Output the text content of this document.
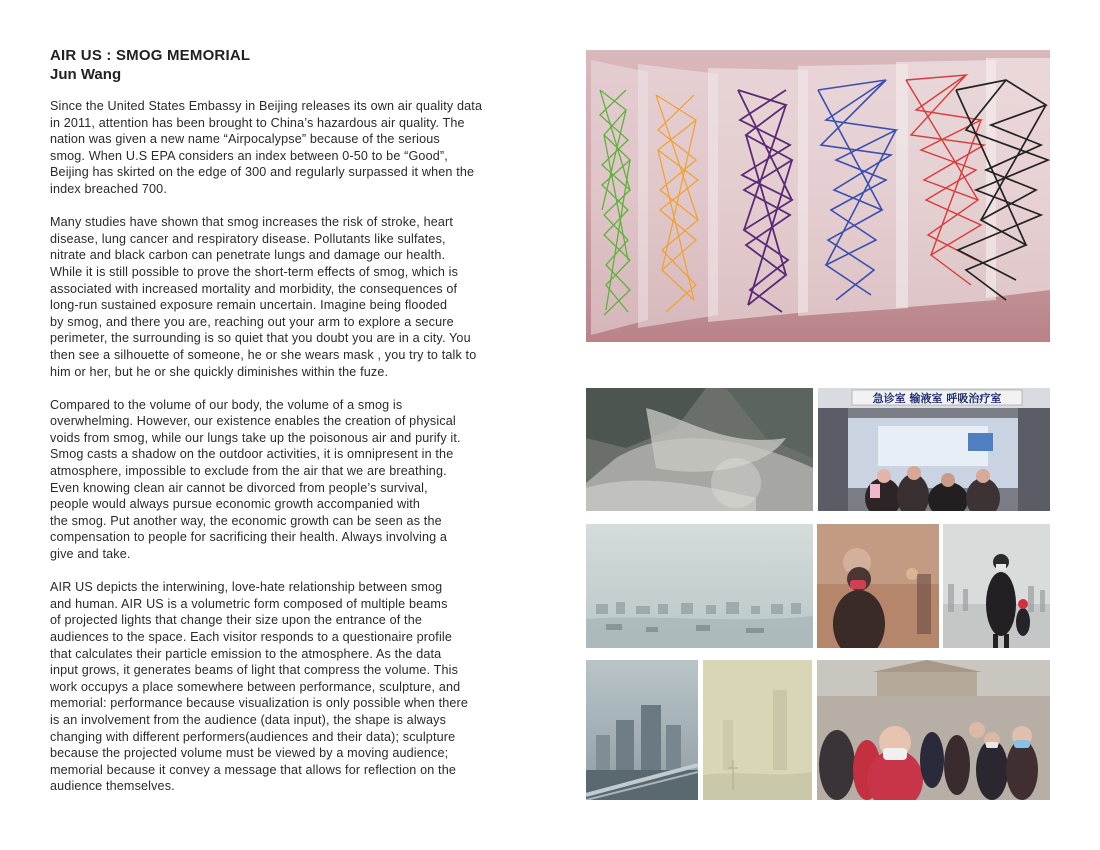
AIR US : SMOG MEMORIAL
Jun Wang

Since the United States Embassy in Beijing releases its own air quality data
in 2011, attention has been brought to China’s hazardous air quality. The
nation was given a new name “Airpocalypse” because of the serious
smog. When U.S EPA considers an index between 0-50 to be “Good”,
Beijing has skirted on the edge of 300 and regularly surpassed it when the
index breached 700.

Many studies have shown that smog increases the risk of stroke, heart
disease, lung cancer and respiratory disease. Pollutants like sulfates,
nitrate and black carbon can penetrate lungs and damage our health.
While it is still possible to prove the short-term effects of smog, which is
associated with increased mortality and morbidity, the consequences of
long-run sustained exposure remain uncertain. Imagine being flooded
by smog, and there you are, reaching out your arm to explore a secure
perimeter, the surrounding is so quiet that you doubt you are in a city. You
then see a silhouette of someone, he or she wears mask , you try to talk to
him or her, but he or she quickly diminishes within the fuze.

Compared to the volume of our body, the volume of a smog is
overwhelming. However, our existence enables the creation of physical
voids from smog, while our lungs take up the poisonous air and purify it.
Smog casts a shadow on the outdoor activities, it is omnipresent in the
atmosphere, impossible to exclude from the air that we are breathing.
Even knowing clean air cannot be divorced from people’s survival,
people would always pursue economic growth accompanied with
the smog. Put another way, the economic growth can be seen as the
compensation to people for sacrificing their health. Always involving a
give and take.

AIR US depicts the interwining, love-hate relationship between smog
and human. AIR US is a volumetric form composed of multiple beams
of projected lights that change their size upon the entrance of the
audiences to the space. Each visitor responds to a questionaire profile
that calculates their particle emission to the atmosphere. As the data
input grows, it generates beams of light that compress the volume. This
work occupys a place somewhere between performance, sculpture, and
memorial: performance because visualization is only possible when there
is an involvement from the audience (data input), the shape is always
changing with different performers(audiences and their data); sculpture
because the projected volume must be viewed by a moving audience;
memorial because it convey a message that allows for reflection on the
audience themselves.

急诊室 输液室 呼吸治疗室
